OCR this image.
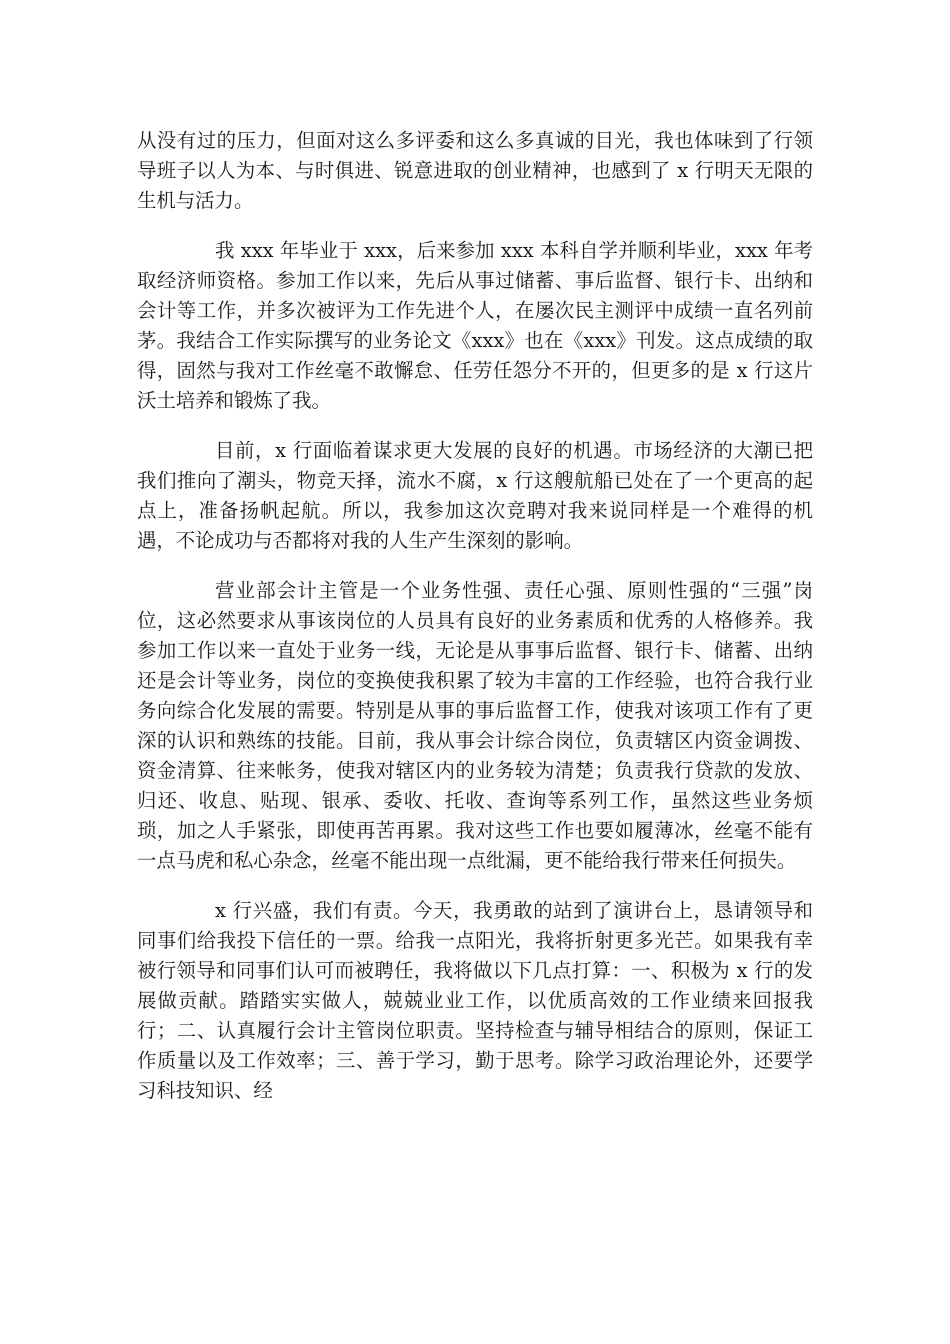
从没有过的压力，但面对这么多评委和这么多真诚的目光，我也体味到了行领导班子以人为本、与时俱进、锐意进取的创业精神，也感到了 x 行明天无限的生机与活力。

我 xxx 年毕业于 xxx，后来参加 xxx 本科自学并顺利毕业，xxx 年考取经济师资格。参加工作以来，先后从事过储蓄、事后监督、银行卡、出纳和会计等工作，并多次被评为工作先进个人，在屡次民主测评中成绩一直名列前茅。我结合工作实际撰写的业务论文《xxx》也在《xxx》刊发。这点成绩的取得，固然与我对工作丝毫不敢懈怠、任劳任怨分不开的，但更多的是 x 行这片沃土培养和锻炼了我。

目前，x 行面临着谋求更大发展的良好的机遇。市场经济的大潮已把我们推向了潮头，物竞天择，流水不腐，x 行这艘航船已处在了一个更高的起点上，准备扬帆起航。所以，我参加这次竞聘对我来说同样是一个难得的机遇，不论成功与否都将对我的人生产生深刻的影响。

营业部会计主管是一个业务性强、责任心强、原则性强的“三强”岗位，这必然要求从事该岗位的人员具有良好的业务素质和优秀的人格修养。我参加工作以来一直处于业务一线，无论是从事事后监督、银行卡、储蓄、出纳还是会计等业务，岗位的变换使我积累了较为丰富的工作经验，也符合我行业务向综合化发展的需要。特别是从事的事后监督工作，使我对该项工作有了更深的认识和熟练的技能。目前，我从事会计综合岗位，负责辖区内资金调拨、资金清算、往来帐务，使我对辖区内的业务较为清楚；负责我行贷款的发放、归还、收息、贴现、银承、委收、托收、查询等系列工作，虽然这些业务烦琐，加之人手紧张，即使再苦再累。我对这些工作也要如履薄冰，丝毫不能有一点马虎和私心杂念，丝毫不能出现一点纰漏，更不能给我行带来任何损失。

x 行兴盛，我们有责。今天，我勇敢的站到了演讲台上，恳请领导和同事们给我投下信任的一票。给我一点阳光，我将折射更多光芒。如果我有幸被行领导和同事们认可而被聘任，我将做以下几点打算：一、积极为 x 行的发展做贡献。踏踏实实做人，兢兢业业工作，以优质高效的工作业绩来回报我行；二、认真履行会计主管岗位职责。坚持检查与辅导相结合的原则，保证工作质量以及工作效率；三、善于学习，勤于思考。除学习政治理论外，还要学习科技知识、经
